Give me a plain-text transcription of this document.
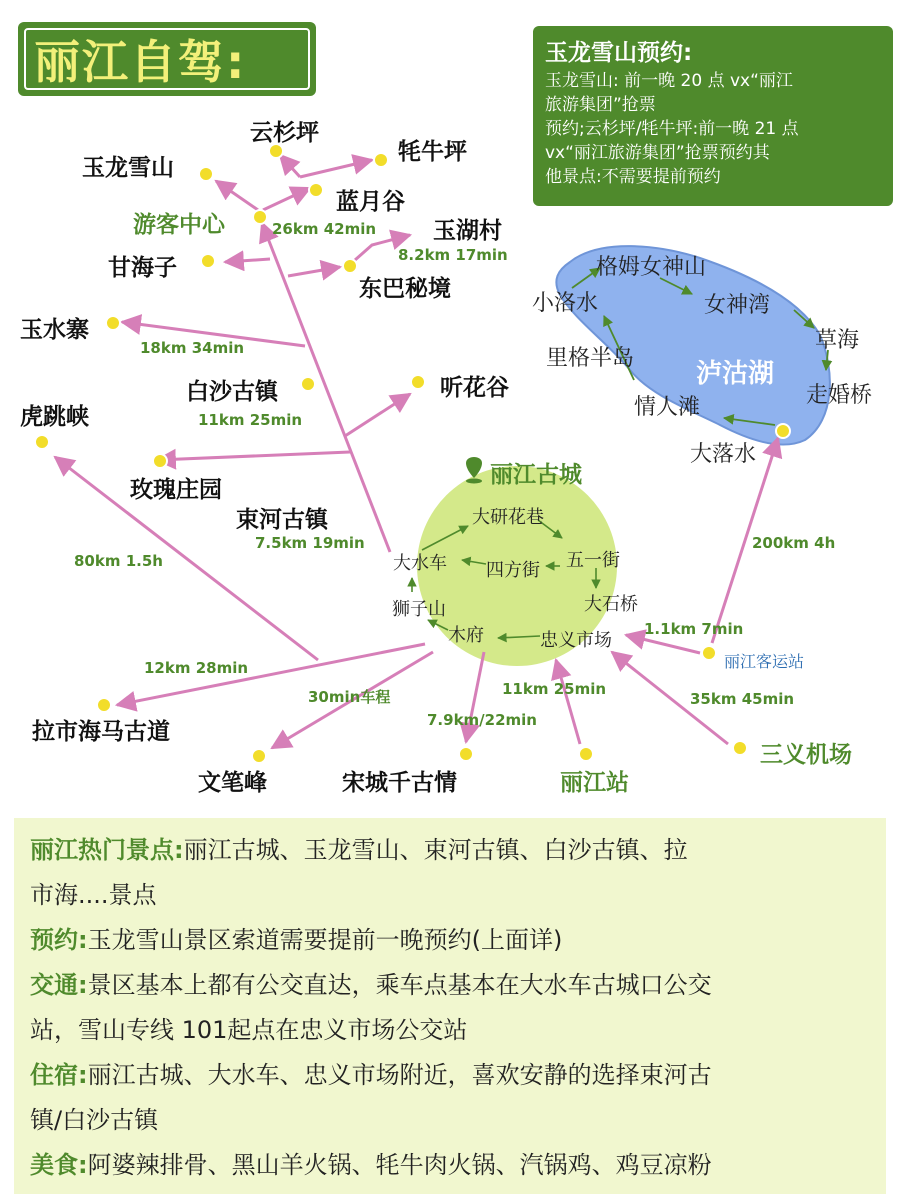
丽江自驾:	玉龙雪山预约:
玉龙雪山: 前一晚 20 点 vx“丽江
旅游集团”抢票
预约;云杉坪/牦牛坪:前一晚 21 点
vx“丽江旅游集团”抢票预约其
他景点:不需要提前预约
云杉坪
牦牛坪
玉龙雪山
蓝月谷
游客中心	玉湖村
甘海子
东巴秘境
玉水寨
白沙古镇	听花谷
虎跳峡
玫瑰庄园
束河古镇
丽江古城
拉市海马古道
文笔峰	宋城千古情	丽江站
三义机场
丽江客运站
26km 42min
8.2km 17min
18km 34min
11km 25min
7.5km 19min
80km 1.5h
12km 28min
30min车程
7.9km/22min
11km 25min
1.1km 7min
35km 45min
200km 4h
大研花巷
大水车 四方街 五一街
大石桥
狮子山
木府	忠义市场
泸沽湖
格姆女神山
小洛水	女神湾
草海
里格半岛
走婚桥
情人滩
大落水
丽江热门景点:丽江古城、玉龙雪山、束河古镇、白沙古镇、拉
市海....景点
预约:玉龙雪山景区索道需要提前一晚预约(上面详)
交通:景区基本上都有公交直达，乘车点基本在大水车古城口公交
站，雪山专线 101起点在忠义市场公交站
住宿:丽江古城、大水车、忠义市场附近，喜欢安静的选择束河古
镇/白沙古镇
美食:阿婆辣排骨、黑山羊火锅、牦牛肉火锅、汽锅鸡、鸡豆凉粉
